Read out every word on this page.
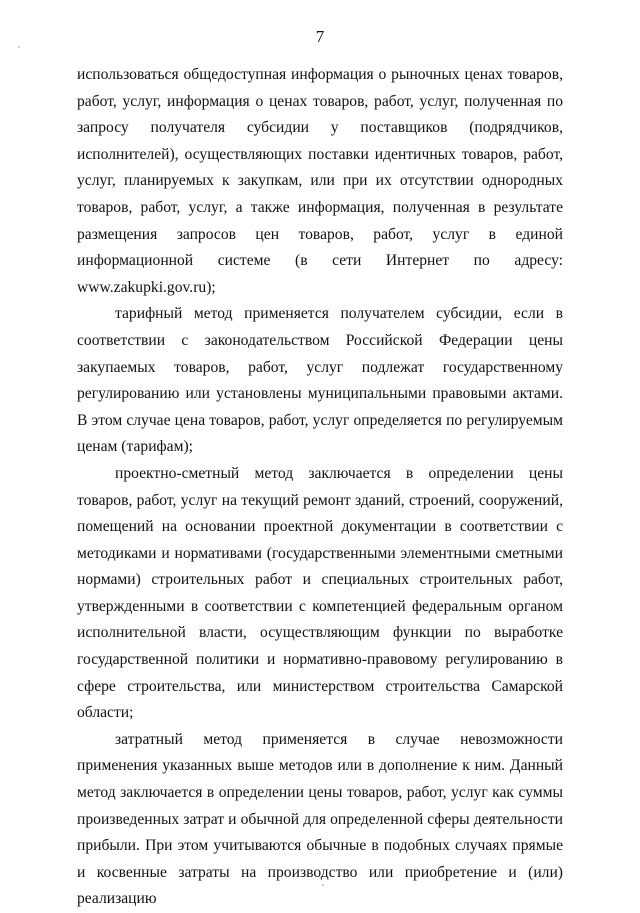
7

использоваться общедоступная информация о рыночных ценах товаров, работ, услуг, информация о ценах товаров, работ, услуг, полученная по запросу получателя субсидии у поставщиков (подрядчиков, исполнителей), осуществляющих поставки идентичных товаров, работ, услуг, планируемых к закупкам, или при их отсутствии однородных товаров, работ, услуг, а также информация, полученная в результате размещения запросов цен товаров, работ, услуг в единой информационной системе (в сети Интернет по адресу: www.zakupki.gov.ru);

тарифный метод применяется получателем субсидии, если в соответствии с законодательством Российской Федерации цены закупаемых товаров, работ, услуг подлежат государственному регулированию или установлены муниципальными правовыми актами. В этом случае цена товаров, работ, услуг определяется по регулируемым ценам (тарифам);

проектно-сметный метод заключается в определении цены товаров, работ, услуг на текущий ремонт зданий, строений, сооружений, помещений на основании проектной документации в соответствии с методиками и нормативами (государственными элементными сметными нормами) строительных работ и специальных строительных работ, утвержденными в соответствии с компетенцией федеральным органом исполнительной власти, осуществляющим функции по выработке государственной политики и нормативно-правовому регулированию в сфере строительства, или министерством строительства Самарской области;

затратный метод применяется в случае невозможности применения указанных выше методов или в дополнение к ним. Данный метод заключается в определении цены товаров, работ, услуг как суммы произведенных затрат и обычной для определенной сферы деятельности прибыли. При этом учитываются обычные в подобных случаях прямые и косвенные затраты на производство или приобретение и (или) реализацию
